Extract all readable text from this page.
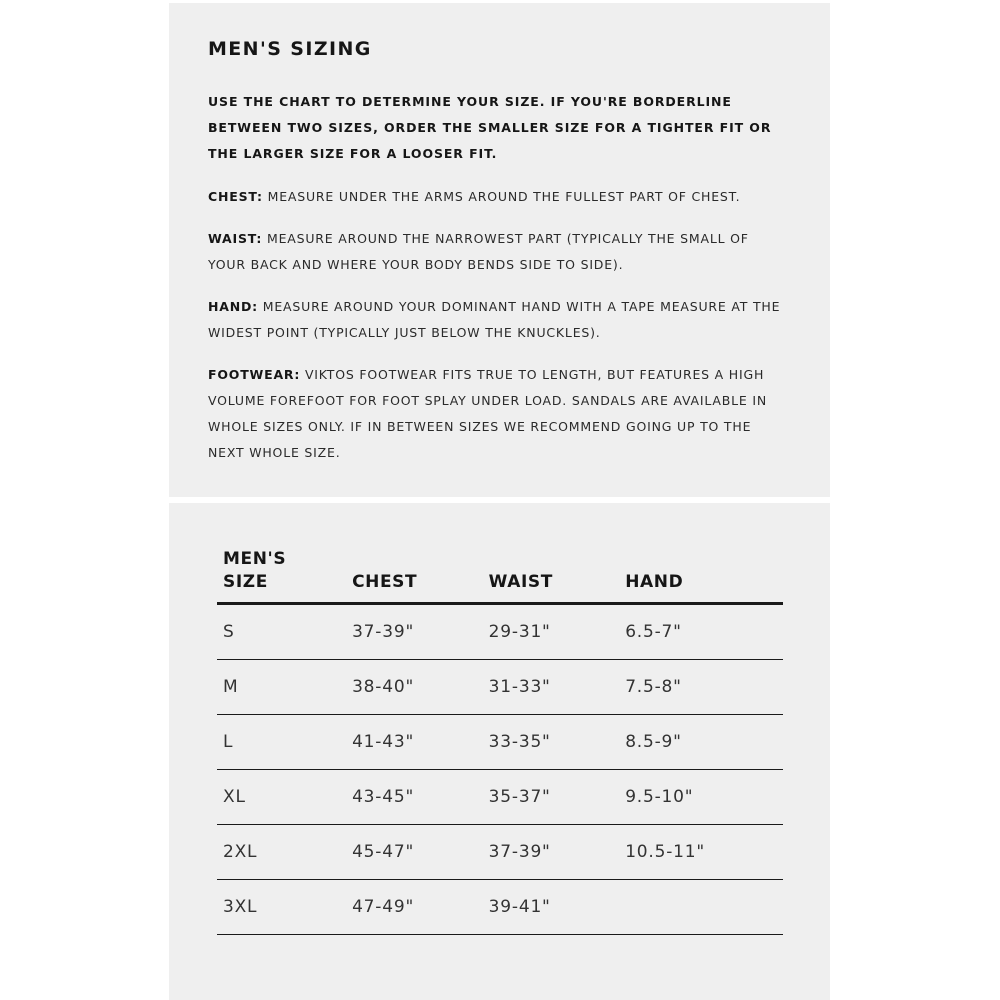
MEN'S SIZING

USE THE CHART TO DETERMINE YOUR SIZE. IF YOU'RE BORDERLINE BETWEEN TWO SIZES, ORDER THE SMALLER SIZE FOR A TIGHTER FIT OR THE LARGER SIZE FOR A LOOSER FIT.

CHEST: MEASURE UNDER THE ARMS AROUND THE FULLEST PART OF CHEST.

WAIST: MEASURE AROUND THE NARROWEST PART (TYPICALLY THE SMALL OF YOUR BACK AND WHERE YOUR BODY BENDS SIDE TO SIDE).

HAND: MEASURE AROUND YOUR DOMINANT HAND WITH A TAPE MEASURE AT THE WIDEST POINT (TYPICALLY JUST BELOW THE KNUCKLES).

FOOTWEAR: VIKTOS FOOTWEAR FITS TRUE TO LENGTH, BUT FEATURES A HIGH VOLUME FOREFOOT FOR FOOT SPLAY UNDER LOAD. SANDALS ARE AVAILABLE IN WHOLE SIZES ONLY. IF IN BETWEEN SIZES WE RECOMMEND GOING UP TO THE NEXT WHOLE SIZE.

MEN'S
SIZE	CHEST	WAIST	HAND
S	37-39"	29-31"	6.5-7"
M	38-40"	31-33"	7.5-8"
L	41-43"	33-35"	8.5-9"
XL	43-45"	35-37"	9.5-10"
2XL	45-47"	37-39"	10.5-11"
3XL	47-49"	39-41"	
